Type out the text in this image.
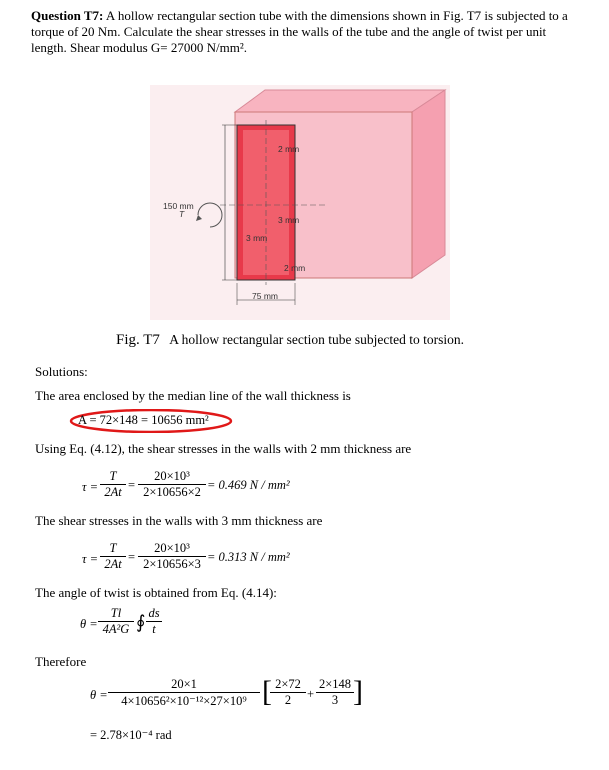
Question T7: A hollow rectangular section tube with the dimensions shown in Fig. T7 is subjected to a torque of 20 Nm. Calculate the shear stresses in the walls of the tube and the angle of twist per unit length. Shear modulus G= 27000 N/mm².
150 mm
T
2 mm
3 mm
3 mm
2 mm
75 mm
Fig. T7 A hollow rectangular section tube subjected to torsion.
Solutions:
The area enclosed by the median line of the wall thickness is
A = 72×148 = 10656 mm²
Using Eq. (4.12), the shear stresses in the walls with 2 mm thickness are
$\tau = \frac{T}{2At} = \frac{\text{20×10³}}{2\times 10656\times 2} = 0.469$ N / mm²
The shear stresses in the walls with 3 mm thickness are
$\tau = \frac{T}{2At} = \frac{\text{20×10³}}{2\times 10656\times 3} = 0.313$ N / mm²
The angle of twist is obtained from Eq. (4.14):
$\theta = \frac{Tl}{\text{4A²G}}$ ∮ $\frac{ds}{t}$
Therefore
$\theta = \frac{20\times 1}{\text{4×10656²×10⁻¹²×27×10⁹}}$ [
$\frac{2\times 72}{2} + \frac{2\times 148}{3}$ ]
= 2.78×10⁻⁴ rad
